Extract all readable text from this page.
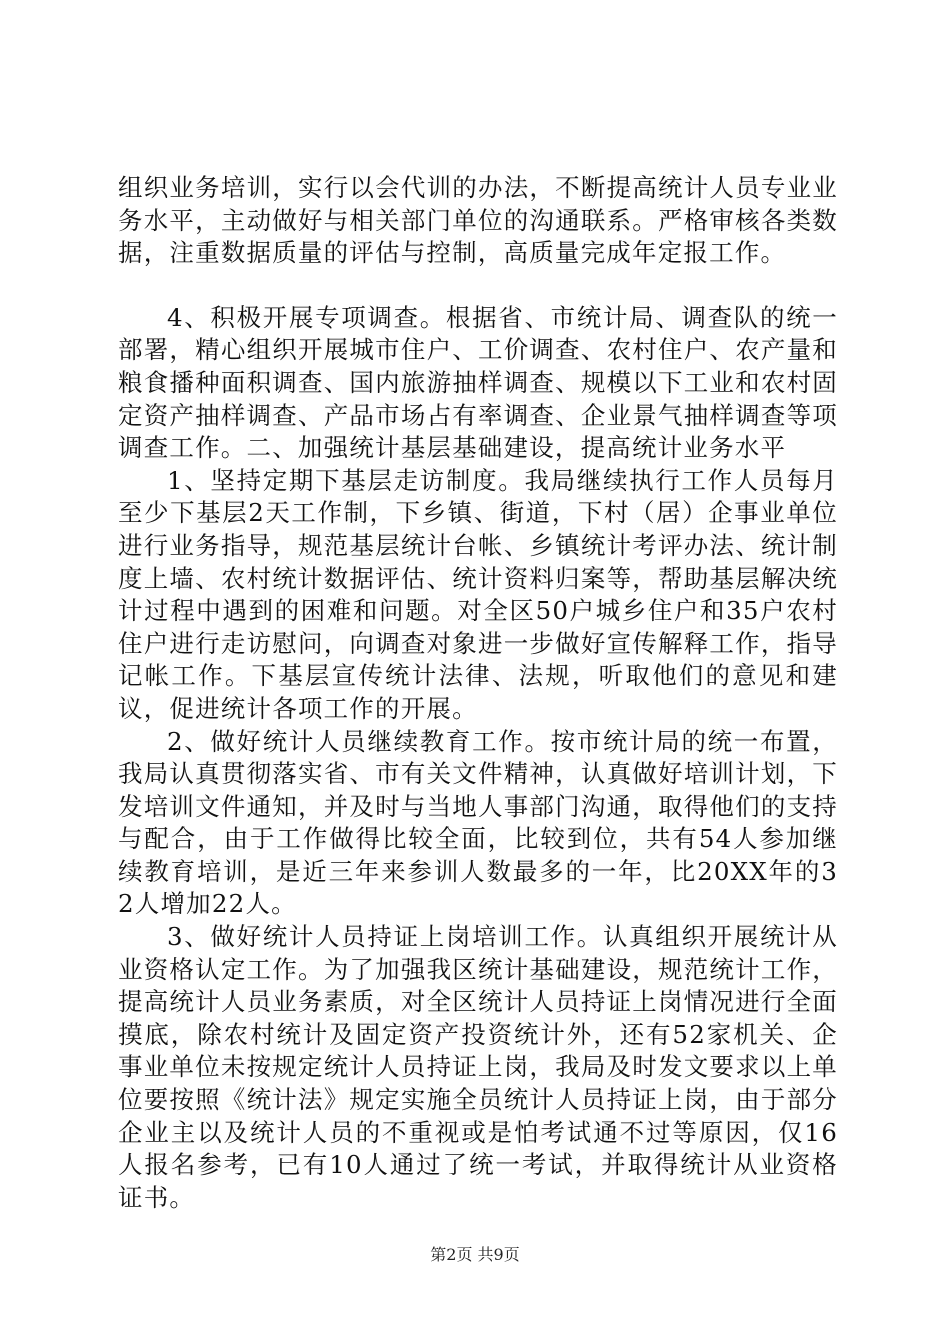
组织业务培训，实行以会代训的办法，不断提高统计人员专业业务水平，主动做好与相关部门单位的沟通联系。严格审核各类数据，注重数据质量的评估与控制，高质量完成年定报工作。

4、积极开展专项调查。根据省、市统计局、调查队的统一部署，精心组织开展城市住户、工价调查、农村住户、农产量和粮食播种面积调查、国内旅游抽样调查、规模以下工业和农村固定资产抽样调查、产品市场占有率调查、企业景气抽样调查等项调查工作。二、加强统计基层基础建设，提高统计业务水平

1、坚持定期下基层走访制度。我局继续执行工作人员每月至少下基层2天工作制，下乡镇、街道，下村（居）企事业单位进行业务指导，规范基层统计台帐、乡镇统计考评办法、统计制度上墙、农村统计数据评估、统计资料归案等，帮助基层解决统计过程中遇到的困难和问题。对全区50户城乡住户和35户农村住户进行走访慰问，向调查对象进一步做好宣传解释工作，指导记帐工作。下基层宣传统计法律、法规，听取他们的意见和建议，促进统计各项工作的开展。

2、做好统计人员继续教育工作。按市统计局的统一布置，我局认真贯彻落实省、市有关文件精神，认真做好培训计划，下发培训文件通知，并及时与当地人事部门沟通，取得他们的支持与配合，由于工作做得比较全面，比较到位，共有54人参加继续教育培训，是近三年来参训人数最多的一年，比20XX年的32人增加22人。

3、做好统计人员持证上岗培训工作。认真组织开展统计从业资格认定工作。为了加强我区统计基础建设，规范统计工作，提高统计人员业务素质，对全区统计人员持证上岗情况进行全面摸底，除农村统计及固定资产投资统计外，还有52家机关、企事业单位未按规定统计人员持证上岗，我局及时发文要求以上单位要按照《统计法》规定实施全员统计人员持证上岗，由于部分企业主以及统计人员的不重视或是怕考试通不过等原因，仅16人报名参考，已有10人通过了统一考试，并取得统计从业资格证书。

第2页 共9页
